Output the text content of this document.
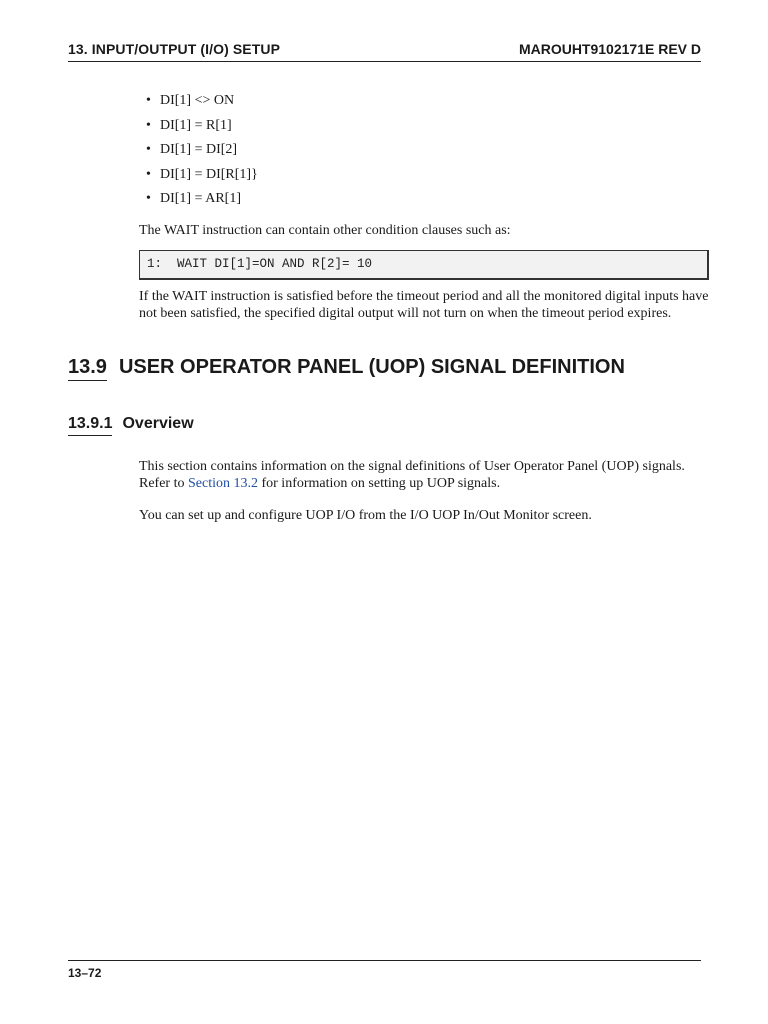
13. INPUT/OUTPUT (I/O) SETUP	MAROUHT9102171E REV D
• DI[1] <> ON
• DI[1] = R[1]
• DI[1] = DI[2]
• DI[1] = DI[R[1]}
• DI[1] = AR[1]

The WAIT instruction can contain other condition clauses such as:

1:  WAIT DI[1]=ON AND R[2]= 10

If the WAIT instruction is satisfied before the timeout period and all the monitored digital inputs have
not been satisfied, the specified digital output will not turn on when the timeout period expires.

13.9 USER OPERATOR PANEL (UOP) SIGNAL DEFINITION
13.9.1 Overview

This section contains information on the signal definitions of User Operator Panel (UOP) signals.
Refer to Section 13.2 for information on setting up UOP signals.

You can set up and configure UOP I/O from the I/O UOP In/Out Monitor screen.

13–72
